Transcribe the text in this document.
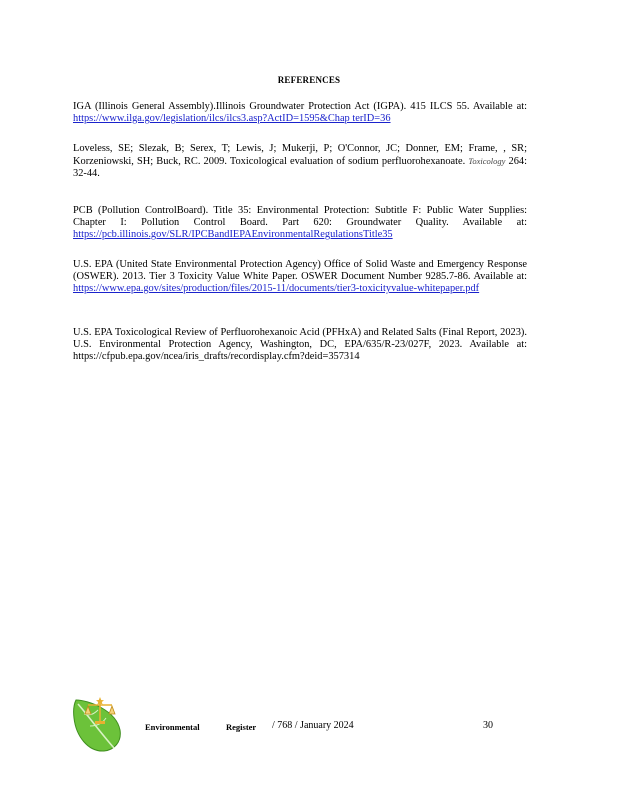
REFERENCES
IGA (Illinois General Assembly).Illinois Groundwater Protection Act (IGPA). 415 ILCS 55. Available at: https://www.ilga.gov/legislation/ilcs/ilcs3.asp?ActID=1595&Chap terID=36
Loveless, SE; Slezak, B; Serex, T; Lewis, J; Mukerji, P; O'Connor, JC; Donner, EM; Frame, , SR; Korzeniowski, SH; Buck, RC. 2009. Toxicological evaluation of sodium perfluorohexanoate. Toxicology 264: 32-44.
PCB (Pollution ControlBoard). Title 35: Environmental Protection: Subtitle F: Public Water Supplies: Chapter I: Pollution Control Board. Part 620: Groundwater Quality. Available at: https://pcb.illinois.gov/SLR/IPCBandIEPAEnvironmentalRegulationsTitle35
U.S. EPA (United State Environmental Protection Agency) Office of Solid Waste and Emergency Response (OSWER). 2013. Tier 3 Toxicity Value White Paper. OSWER Document Number 9285.7-86. Available at: https://www.epa.gov/sites/production/files/2015-11/documents/tier3-toxicityvalue-whitepaper.pdf
U.S. EPA Toxicological Review of Perfluorohexanoic Acid (PFHxA) and Related Salts (Final Report, 2023). U.S. Environmental Protection Agency, Washington, DC, EPA/635/R-23/027F, 2023. Available at: https://cfpub.epa.gov/ncea/iris_drafts/recordisplay.cfm?deid=357314
Environmental	Register / 768 / January 2024	30
